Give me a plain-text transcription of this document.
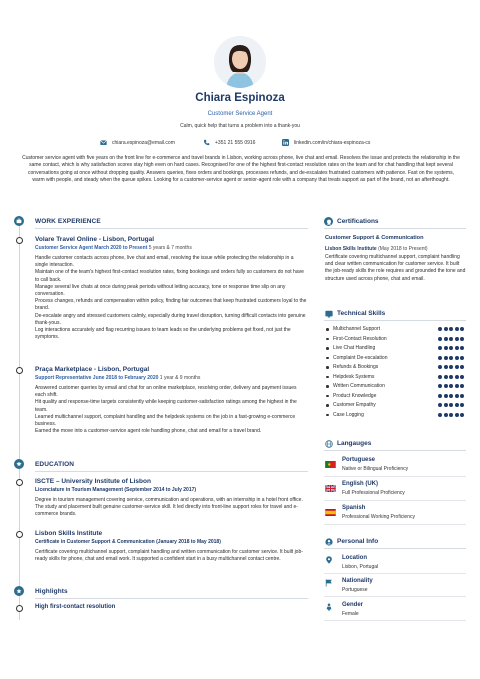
Chiara Espinoza
Customer Service Agent
Calm, quick help that turns a problem into a thank-you
chiara.espinoza@email.com	+351 21 555 0916	linkedin.com/in/chiara-espinoza-cs
Customer service agent with five years on the front line for e-commerce and travel brands in Lisbon, working across phone, live chat and email. Resolves the issue and protects the relationship in the same contact, which is why satisfaction scores stay high even on hard cases. Recognised for one of the highest first-contact resolution rates on the team and for chat handling that kept several conversations going at once without dropping quality. Answers queries, fixes orders and bookings, processes refunds, and de-escalates frustrated customers with patience. Fast on the systems, warm with people, and steady when the queue spikes. Looking for a customer-service agent or senior-agent role with a company that treats support as part of the brand, not an afterthought.
WORK EXPERIENCE
Volare Travel Online - Lisbon, Portugal
Customer Service Agent March 2020 to Present 5 years & 7 months

Handle customer contacts across phone, live chat and email, resolving the issue while protecting the relationship in a single interaction.

Maintain one of the team's highest first-contact resolution rates, fixing bookings and orders fully so customers do not have to call back.

Manage several live chats at once during peak periods without letting accuracy, tone or response time slip on any conversation.

Process changes, refunds and compensation within policy, finding fair outcomes that keep frustrated customers loyal to the brand.

De-escalate angry and stressed customers calmly, especially during travel disruption, turning difficult contacts into genuine thank-yous.

Log interactions accurately and flag recurring issues to team leads so the underlying problems get fixed, not just the symptoms.

Praça Marketplace - Lisbon, Portugal
Support Representative June 2018 to February 2020 1 year & 9 months

Answered customer queries by email and chat for an online marketplace, resolving order, delivery and payment issues each shift.

Hit quality and response-time targets consistently while keeping customer-satisfaction ratings among the highest in the team.

Learned multichannel support, complaint handling and the helpdesk systems on the job in a fast-growing e-commerce business.

Earned the move into a customer-service agent role handling phone, chat and email for a travel brand.

EDUCATION
ISCTE – University Institute of Lisbon
Licenciature in Tourism Management (September 2014 to July 2017)
Degree in tourism management covering service, communication and operations, with an internship in a hotel front office. The study and placement built genuine customer-service skill. It led directly into front-line support roles for travel and e-commerce brands.
Lisbon Skills Institute
Certificate in Customer Support & Communication (January 2018 to May 2018)
Certificate covering multichannel support, complaint handling and written communication for customer service. It built job-ready skills for phone, chat and email work. It supported a confident start in a busy multichannel contact centre.
Highlights
High first-contact resolution
Certifications
Customer Support & Communication
Lisbon Skills Institute (May 2018 to Present)
Certificate covering multichannel support, complaint handling and clear written communication for customer service. It built the job-ready skills the role requires and grounded the tone and structure used across phone, chat and email.
Technical Skills
Multichannel Support
First-Contact Resolution
Live Chat Handling
Complaint De-escalation
Refunds & Bookings
Helpdesk Systems
Written Communication
Product Knowledge
Customer Empathy
Case Logging
Langauges
Portuguese
Native or Bilingual Proficiency
English (UK)
Full Professional Proficiency
Spanish
Professional Working Proficiency
Personal Info
Location
Lisbon, Portugal
Nationality
Portuguese
Gender
Female
